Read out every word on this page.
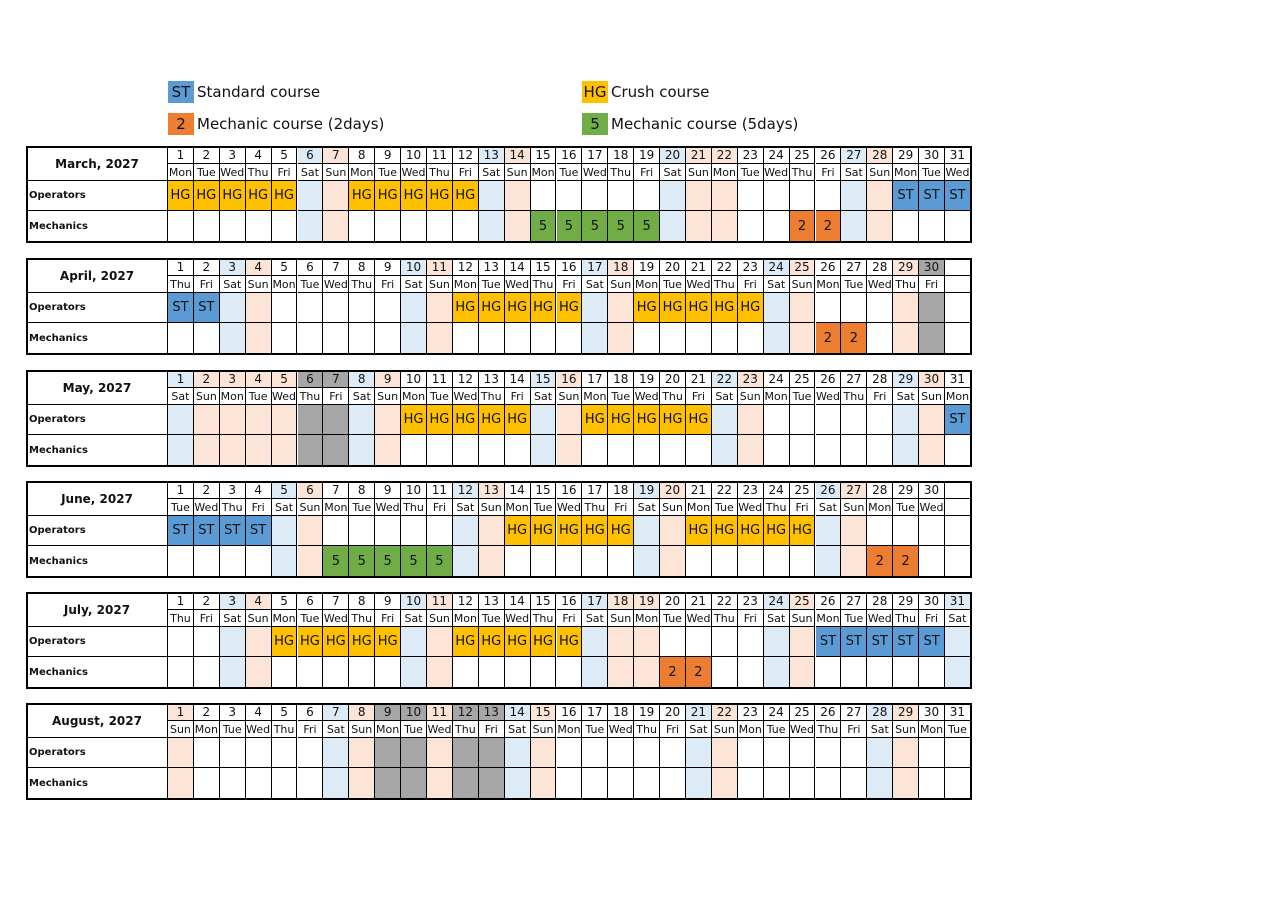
ST Standard course	HG Crush course
2 Mechanic course (2days)	5 Mechanic course (5days)
March, 2027
Operators
Mechanics
1
Mon
HG
2
Tue
HG
3
Wed
HG
4
Thu
HG
5
Fri
HG
6
Sat
7
Sun
8
Mon
HG
9
Tue
HG
10
Wed
HG
11
Thu
HG
12
Fri
HG
13
Sat
14
Sun
15
Mon
5
16
Tue
5
17
Wed
5
18
Thu
5
19
Fri
5
20
Sat
21
Sun
22
Mon
23
Tue
24
Wed
25
Thu
2
26
Fri
2
27
Sat
28
Sun
29
Mon
ST
30
Tue
ST
31
Wed
ST
April, 2027
Operators
Mechanics
1
Thu
ST
2
Fri
ST
3
Sat
4
Sun
5
Mon
6
Tue
7
Wed
8
Thu
9
Fri
10
Sat
11
Sun
12
Mon
HG
13
Tue
HG
14
Wed
HG
15
Thu
HG
16
Fri
HG
17
Sat
18
Sun
19
Mon
HG
20
Tue
HG
21
Wed
HG
22
Thu
HG
23
Fri
HG
24
Sat
25
Sun
26
Mon
2
27
Tue
2
28
Wed
29
Thu
30
Fri
May, 2027
Operators
Mechanics
1
Sat
2
Sun
3
Mon
4
Tue
5
Wed
6
Thu
7
Fri
8
Sat
9
Sun
10
Mon
HG
11
Tue
HG
12
Wed
HG
13
Thu
HG
14
Fri
HG
15
Sat
16
Sun
17
Mon
HG
18
Tue
HG
19
Wed
HG
20
Thu
HG
21
Fri
HG
22
Sat
23
Sun
24
Mon
25
Tue
26
Wed
27
Thu
28
Fri
29
Sat
30
Sun
31
Mon
ST
June, 2027
Operators
Mechanics
1
Tue
ST
2
Wed
ST
3
Thu
ST
4
Fri
ST
5
Sat
6
Sun
7
Mon
5
8
Tue
5
9
Wed
5
10
Thu
5
11
Fri
5
12
Sat
13
Sun
14
Mon
HG
15
Tue
HG
16
Wed
HG
17
Thu
HG
18
Fri
HG
19
Sat
20
Sun
21
Mon
HG
22
Tue
HG
23
Wed
HG
24
Thu
HG
25
Fri
HG
26
Sat
27
Sun
28
Mon
2
29
Tue
2
30
Wed
July, 2027
Operators
Mechanics
1
Thu
2
Fri
3
Sat
4
Sun
5
Mon
HG
6
Tue
HG
7
Wed
HG
8
Thu
HG
9
Fri
HG
10
Sat
11
Sun
12
Mon
HG
13
Tue
HG
14
Wed
HG
15
Thu
HG
16
Fri
HG
17
Sat
18
Sun
19
Mon
20
Tue
2
21
Wed
2
22
Thu
23
Fri
24
Sat
25
Sun
26
Mon
ST
27
Tue
ST
28
Wed
ST
29
Thu
ST
30
Fri
ST
31
Sat
August, 2027
Operators
Mechanics
1
Sun
2
Mon
3
Tue
4
Wed
5
Thu
6
Fri
7
Sat
8
Sun
9
Mon
10
Tue
11
Wed
12
Thu
13
Fri
14
Sat
15
Sun
16
Mon
17
Tue
18
Wed
19
Thu
20
Fri
21
Sat
22
Sun
23
Mon
24
Tue
25
Wed
26
Thu
27
Fri
28
Sat
29
Sun
30
Mon
31
Tue
